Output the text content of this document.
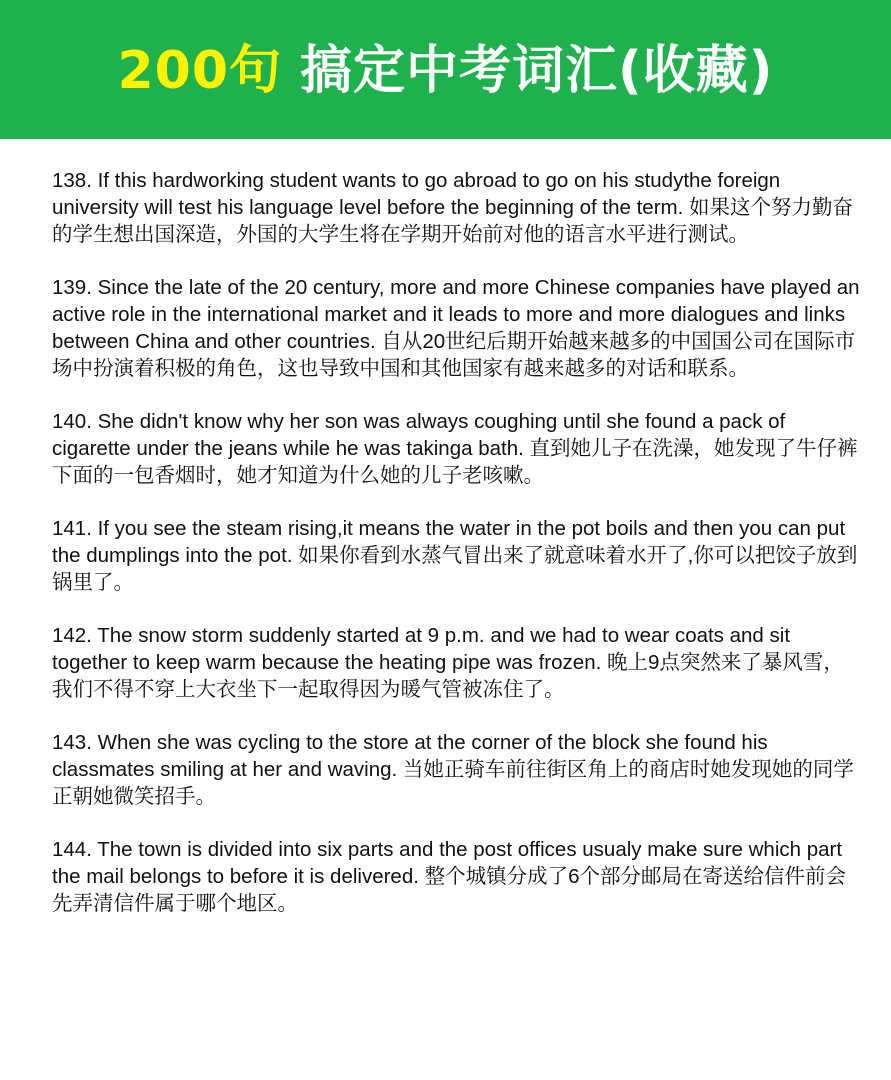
200句 搞定中考词汇(收藏)

138. If this hardworking student wants to go abroad to go on his studythe foreign university will test his language level before the beginning of the term. 如果这个努力勤奋的学生想出国深造，外国的大学生将在学期开始前对他的语言水平进行测试。

139. Since the late of the 20 century, more and more Chinese companies have played an active role in the international market and it leads to more and more dialogues and links between China and other countries. 自从20世纪后期开始越来越多的中国国公司在国际市场中扮演着积极的角色，这也导致中国和其他国家有越来越多的对话和联系。

140. She didn't know why her son was always coughing until she found a pack of cigarette under the jeans while he was takinga bath. 直到她儿子在洗澡，她发现了牛仔裤下面的一包香烟时，她才知道为什么她的儿子老咳嗽。

141. If you see the steam rising,it means the water in the pot boils and then you can put the dumplings into the pot. 如果你看到水蒸气冒出来了就意味着水开了,你可以把饺子放到锅里了。

142. The snow storm suddenly started at 9 p.m. and we had to wear coats and sit together to keep warm because the heating pipe was frozen. 晚上9点突然来了暴风雪，我们不得不穿上大衣坐下一起取得因为暖气管被冻住了。

143. When she was cycling to the store at the corner of the block she found his classmates smiling at her and waving. 当她正骑车前往街区角上的商店时她发现她的同学正朝她微笑招手。

144. The town is divided into six parts and the post offices usualy make sure which part the mail belongs to before it is delivered. 整个城镇分成了6个部分邮局在寄送给信件前会先弄清信件属于哪个地区。
